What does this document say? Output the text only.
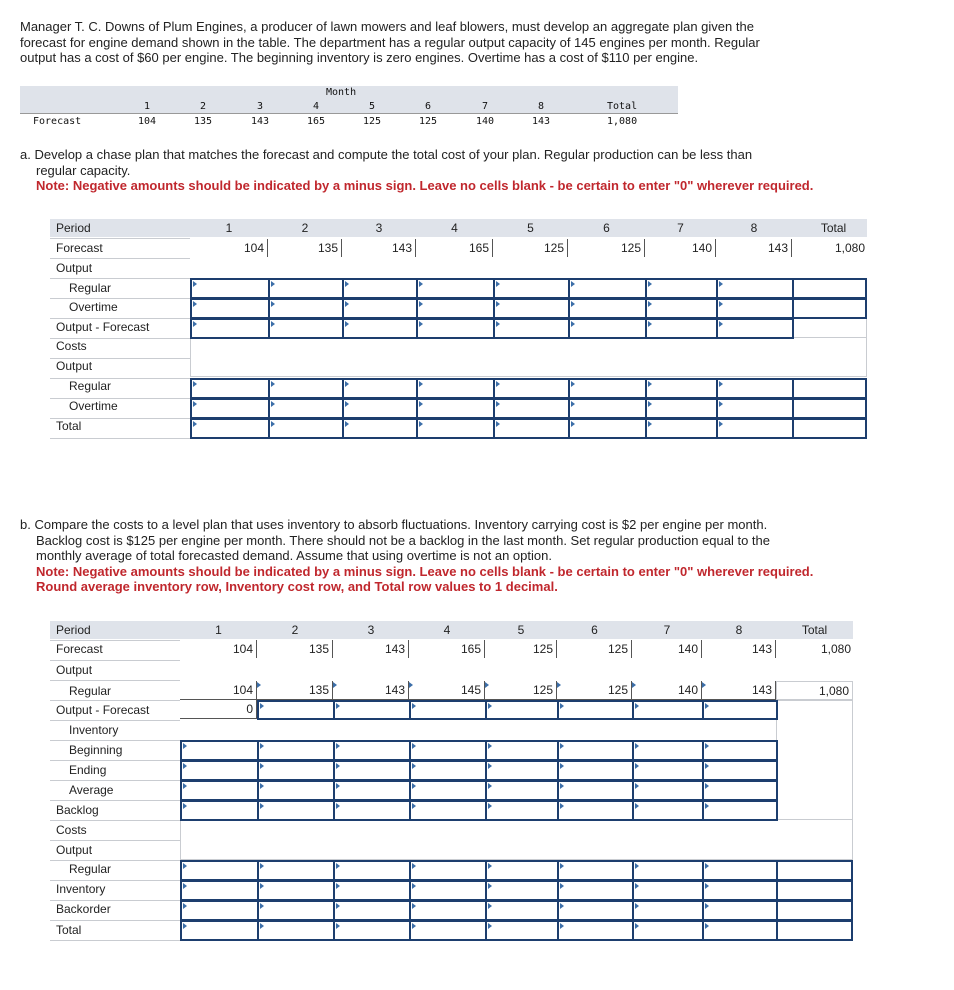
Manager T. C. Downs of Plum Engines, a producer of lawn mowers and leaf blowers, must develop an aggregate plan given the
forecast for engine demand shown in the table. The department has a regular output capacity of 145 engines per month. Regular
output has a cost of $60 per engine. The beginning inventory is zero engines. Overtime has a cost of $110 per engine.
Month
Forecast
1
104
2
135
3
143
4
165
5
125
6
125
7
140
8
143
Total
1,080
a. Develop a chase plan that matches the forecast and compute the total cost of your plan. Regular production can be less than
regular capacity.
Note: Negative amounts should be indicated by a minus sign. Leave no cells blank - be certain to enter "0" wherever required.
Period
Forecast
Output
Regular
Overtime
Output - Forecast
Costs
Output
Regular
Overtime
Total
1
104
2
135
3
143
4
165
5
125
6
125
7
140
8
143
Total
1,080
b. Compare the costs to a level plan that uses inventory to absorb fluctuations. Inventory carrying cost is $2 per engine per month.
Backlog cost is $125 per engine per month. There should not be a backlog in the last month. Set regular production equal to the
monthly average of total forecasted demand. Assume that using overtime is not an option.
Note: Negative amounts should be indicated by a minus sign. Leave no cells blank - be certain to enter "0" wherever required.
Round average inventory row, Inventory cost row, and Total row values to 1 decimal.
Period
Forecast
Output
Regular
Output - Forecast
Inventory
Beginning
Ending
Average
Backlog
Costs
Output
Regular
Inventory
Backorder
Total
1
104
104
2
135
135
3
143
143
4
165
145
5
125
125
6
125
125
7
140
140
8
143
143
Total
1,080
1,080
0
